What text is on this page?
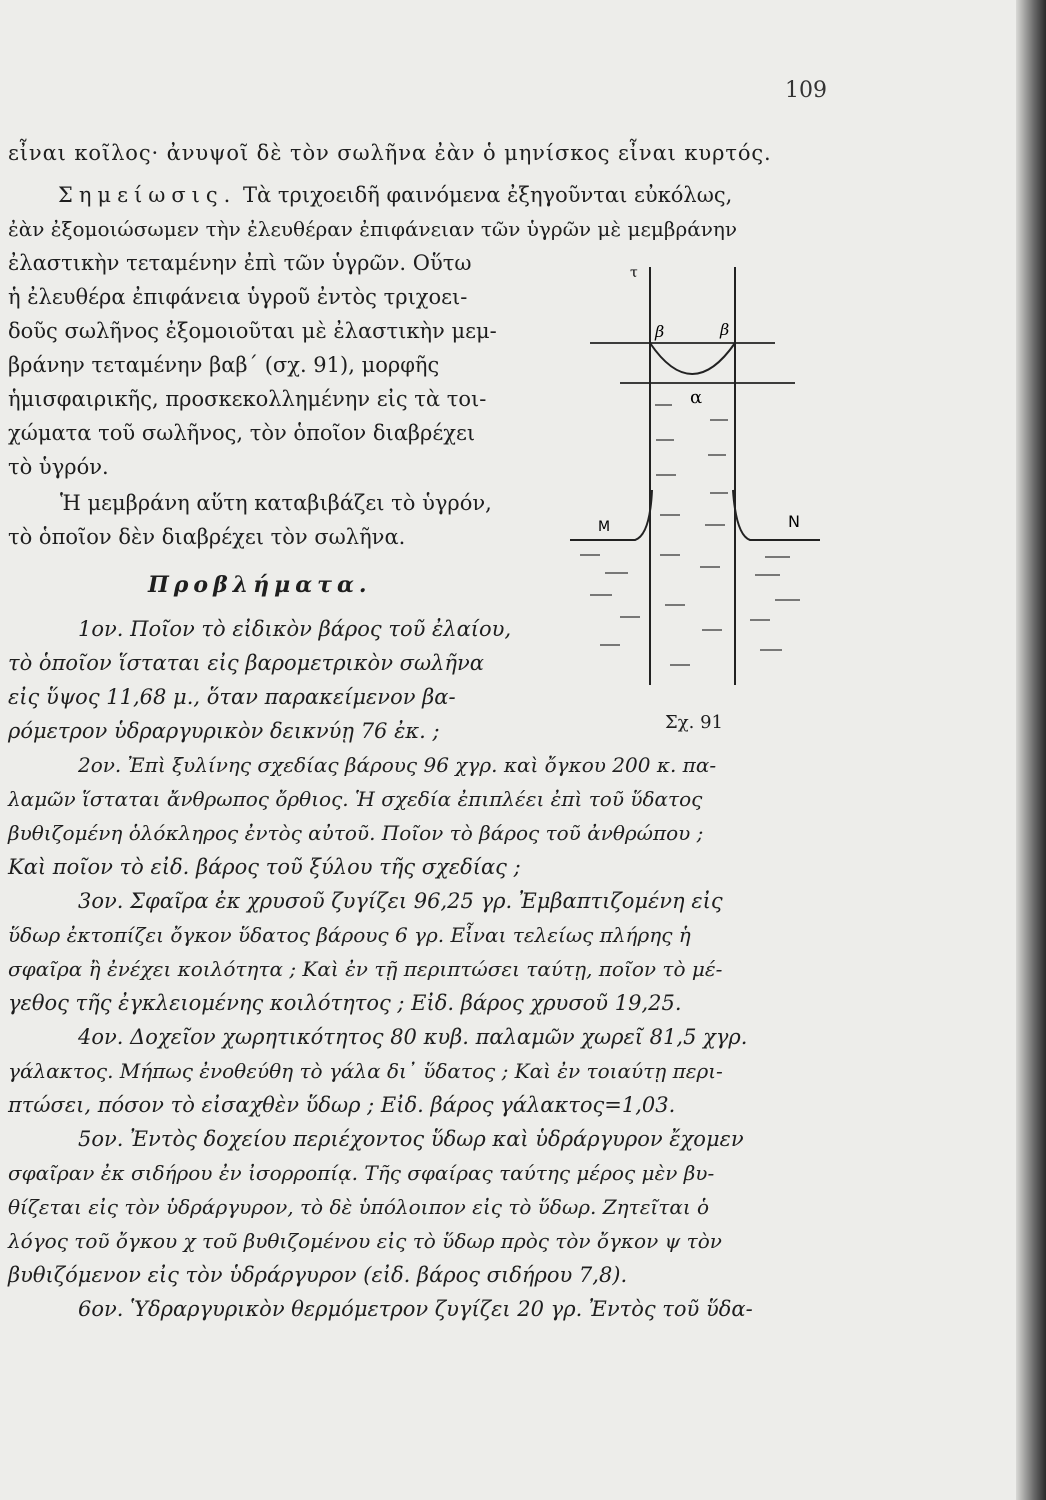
109
εἶναι κοῖλος· ἀνυψοῖ δὲ τὸν σωλῆνα ἐὰν ὁ μηνίσκος εἶναι κυρτός.
Σημείωσις. Τὰ τριχοειδῆ φαινόμενα ἐξηγοῦνται εὐκόλως,
ἐὰν ἐξομοιώσωμεν τὴν ἐλευθέραν ἐπιφάνειαν τῶν ὑγρῶν μὲ μεμβράνην
ἐλαστικὴν τεταμένην ἐπὶ τῶν ὑγρῶν. Οὕτω
ἡ ἐλευθέρα ἐπιφάνεια ὑγροῦ ἐντὸς τριχοει-
δοῦς σωλῆνος ἐξομοιοῦται μὲ ἐλαστικὴν μεμ-
βράνην τεταμένην βαβ΄ (σχ. 91), μορφῆς
ἡμισφαιρικῆς, προσκεκολλημένην εἰς τὰ τοι-
χώματα τοῦ σωλῆνος, τὸν ὁποῖον διαβρέχει
τὸ ὑγρόν.
Ἡ μεμβράνη αὕτη καταβιβάζει τὸ ὑγρόν,
τὸ ὁποῖον δὲν διαβρέχει τὸν σωλῆνα.
Προβλήματα.
1ον. Ποῖον τὸ εἰδικὸν βάρος τοῦ ἐλαίου,
τὸ ὁποῖον ἵσταται εἰς βαρομετρικὸν σωλῆνα
εἰς ὕψος 11,68 μ., ὅταν παρακείμενον βα-
ρόμετρον ὑδραργυρικὸν δεικνύῃ 76 ἐκ. ;
2ον. Ἐπὶ ξυλίνης σχεδίας βάρους 96 χγρ. καὶ ὄγκου 200 κ. πα-
λαμῶν ἵσταται ἄνθρωπος ὄρθιος. Ἡ σχεδία ἐπιπλέει ἐπὶ τοῦ ὕδατος
βυθιζομένη ὁλόκληρος ἐντὸς αὐτοῦ. Ποῖον τὸ βάρος τοῦ ἀνθρώπου ;
Καὶ ποῖον τὸ εἰδ. βάρος τοῦ ξύλου τῆς σχεδίας ;
3ον. Σφαῖρα ἐκ χρυσοῦ ζυγίζει 96,25 γρ. Ἐμβαπτιζομένη εἰς
ὕδωρ ἐκτοπίζει ὄγκον ὕδατος βάρους 6 γρ. Εἶναι τελείως πλήρης ἡ
σφαῖρα ἢ ἐνέχει κοιλότητα ; Καὶ ἐν τῇ περιπτώσει ταύτῃ, ποῖον τὸ μέ-
γεθος τῆς ἐγκλειομένης κοιλότητος ; Εἰδ. βάρος χρυσοῦ 19,25.
4ον. Δοχεῖον χωρητικότητος 80 κυβ. παλαμῶν χωρεῖ 81,5 χγρ.
γάλακτος. Μήπως ἐνοθεύθη τὸ γάλα δι᾽ ὕδατος ; Καὶ ἐν τοιαύτῃ περι-
πτώσει, πόσον τὸ εἰσαχθὲν ὕδωρ ; Εἰδ. βάρος γάλακτος=1,03.
5ον. Ἐντὸς δοχείου περιέχοντος ὕδωρ καὶ ὑδράργυρον ἔχομεν
σφαῖραν ἐκ σιδήρου ἐν ἰσορροπίᾳ. Τῆς σφαίρας ταύτης μέρος μὲν βυ-
θίζεται εἰς τὸν ὑδράργυρον, τὸ δὲ ὑπόλοιπον εἰς τὸ ὕδωρ. Ζητεῖται ὁ
λόγος τοῦ ὄγκου χ τοῦ βυθιζομένου εἰς τὸ ὕδωρ πρὸς τὸν ὄγκον ψ τὸν
βυθιζόμενον εἰς τὸν ὑδράργυρον (εἰδ. βάρος σιδήρου 7,8).
6ον. Ὑδραργυρικὸν θερμόμετρον ζυγίζει 20 γρ. Ἐντὸς τοῦ ὕδα-
τ
β	β
α
Μ	Ν
Σχ. 91
